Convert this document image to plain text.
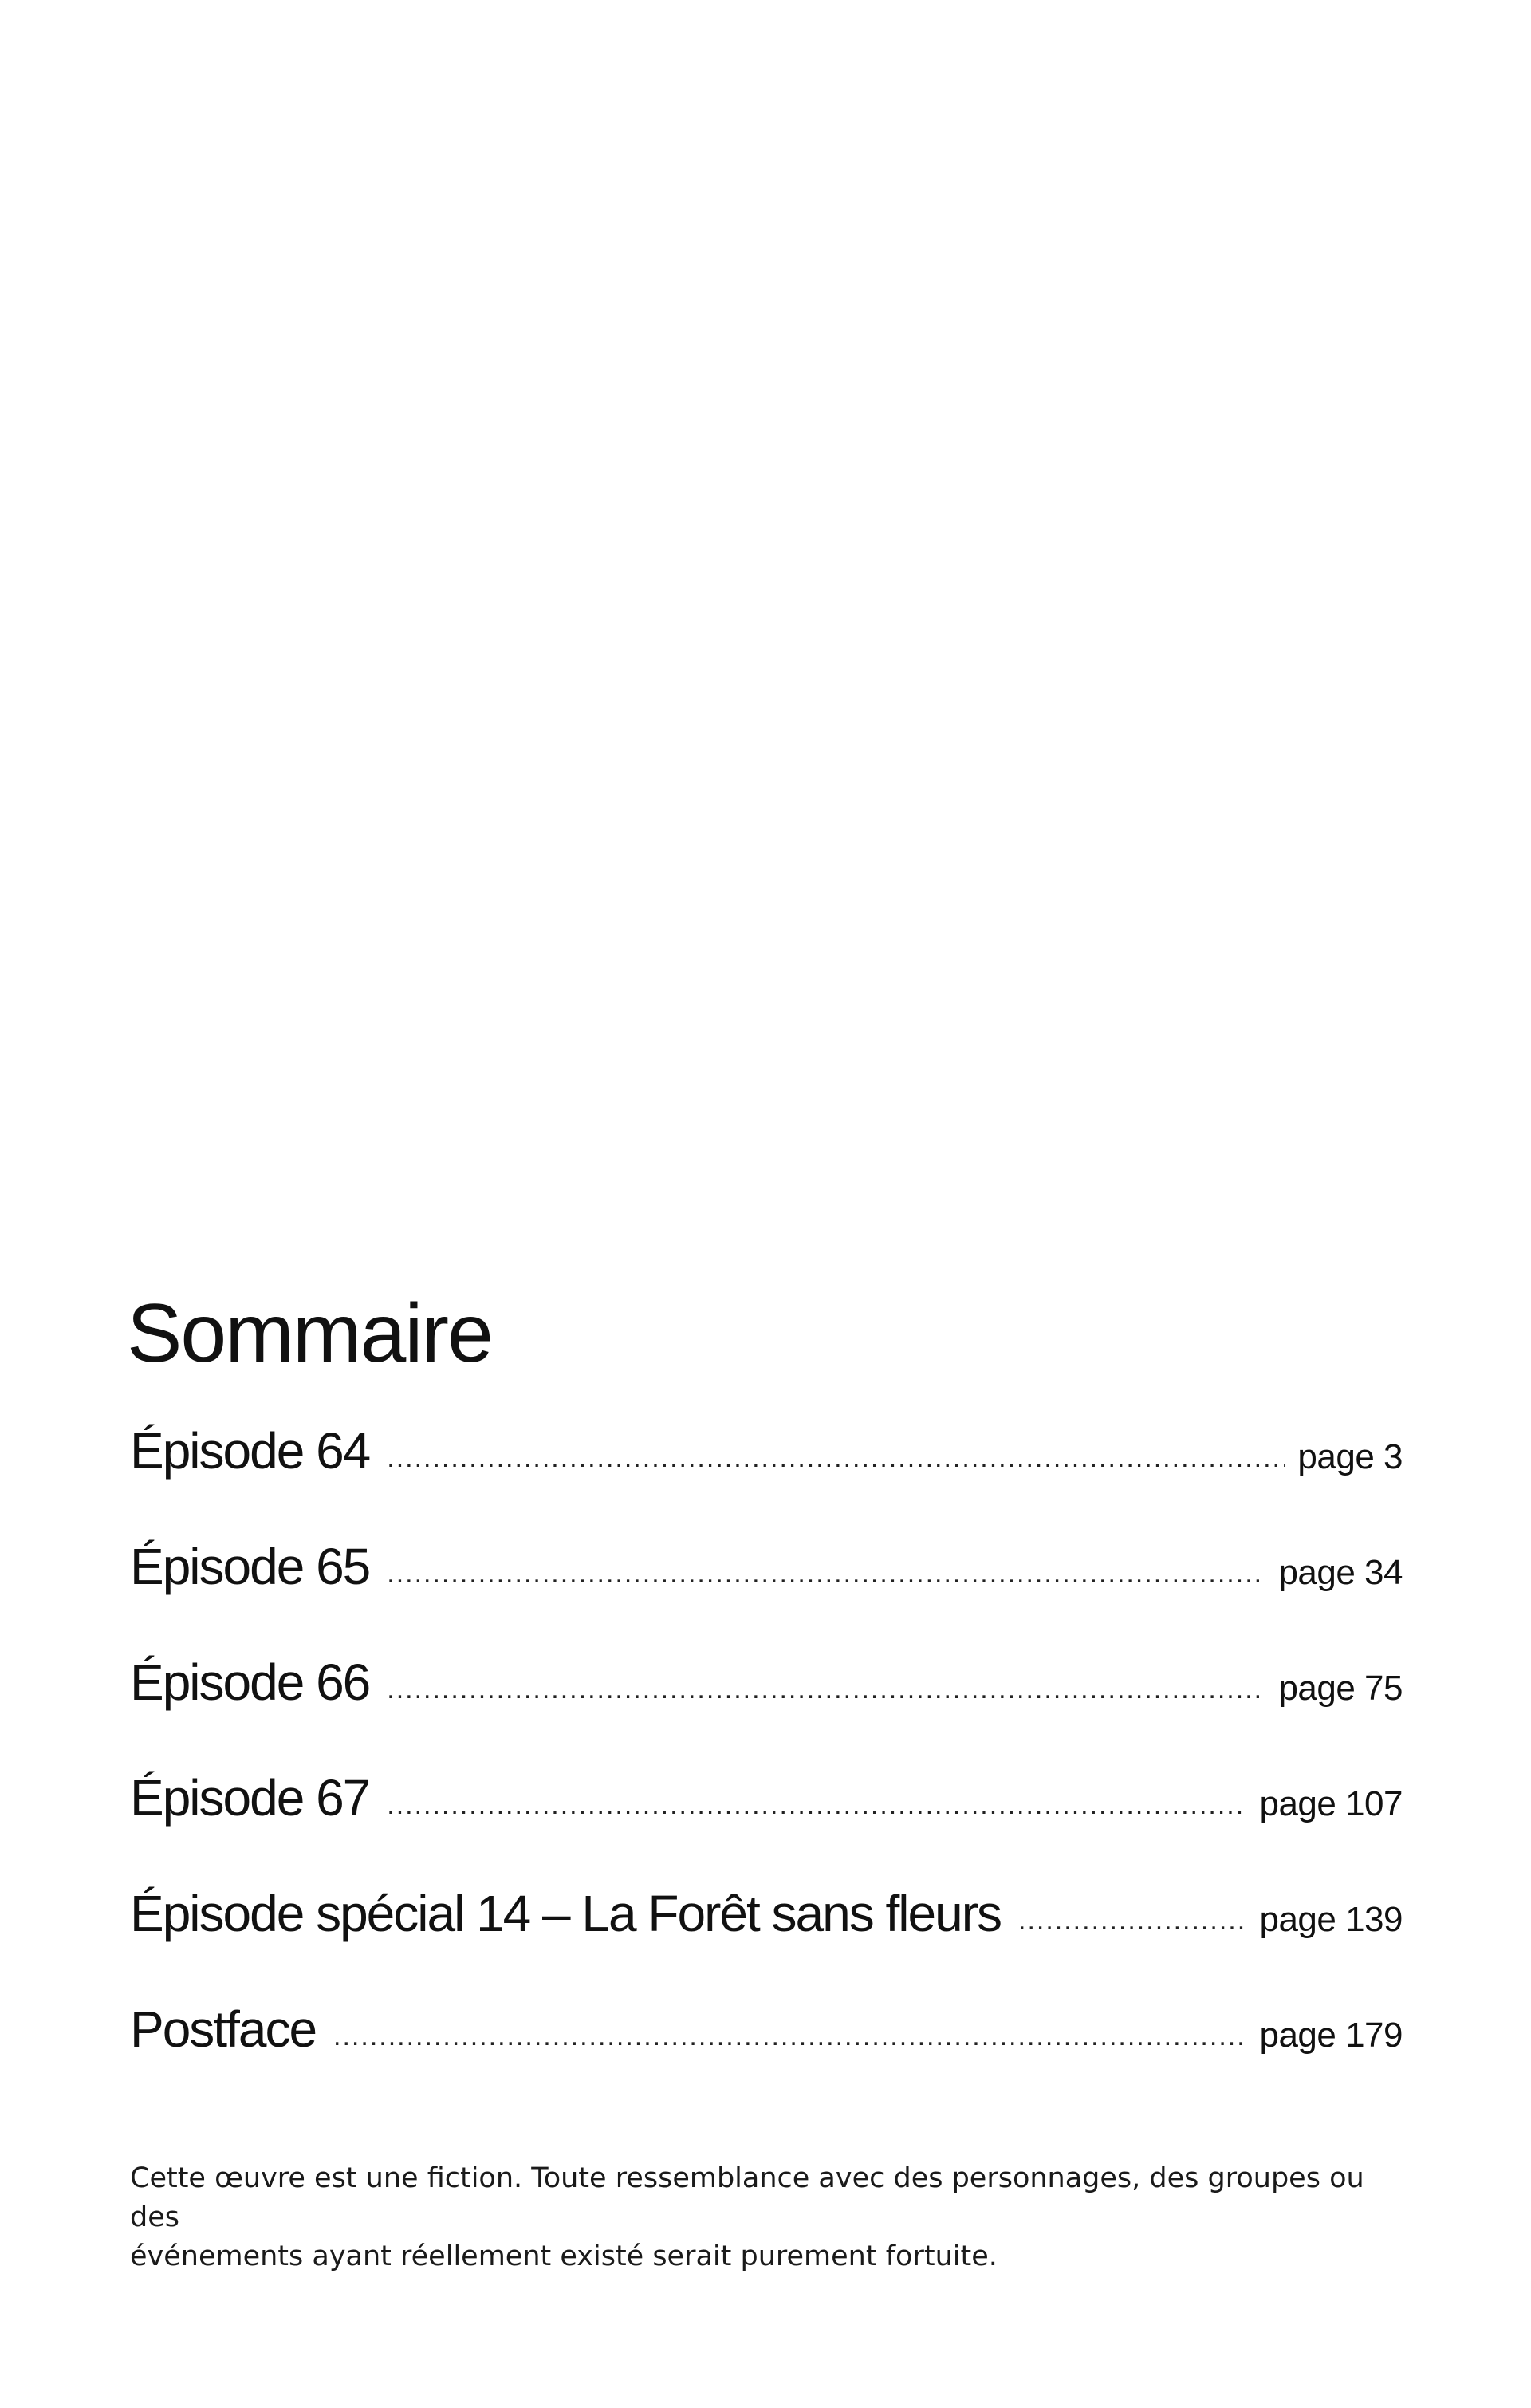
Sommaire
Épisode 64 .....	page 3
Épisode 65 .....	page 34
Épisode 66 .....	page 75
Épisode 67 .....	page 107
Épisode spécial 14 – La Forêt sans fleurs .....	page 139
Postface .....	page 179

Cette œuvre est une fiction. Toute ressemblance avec des personnages, des groupes ou des
événements ayant réellement existé serait purement fortuite.
